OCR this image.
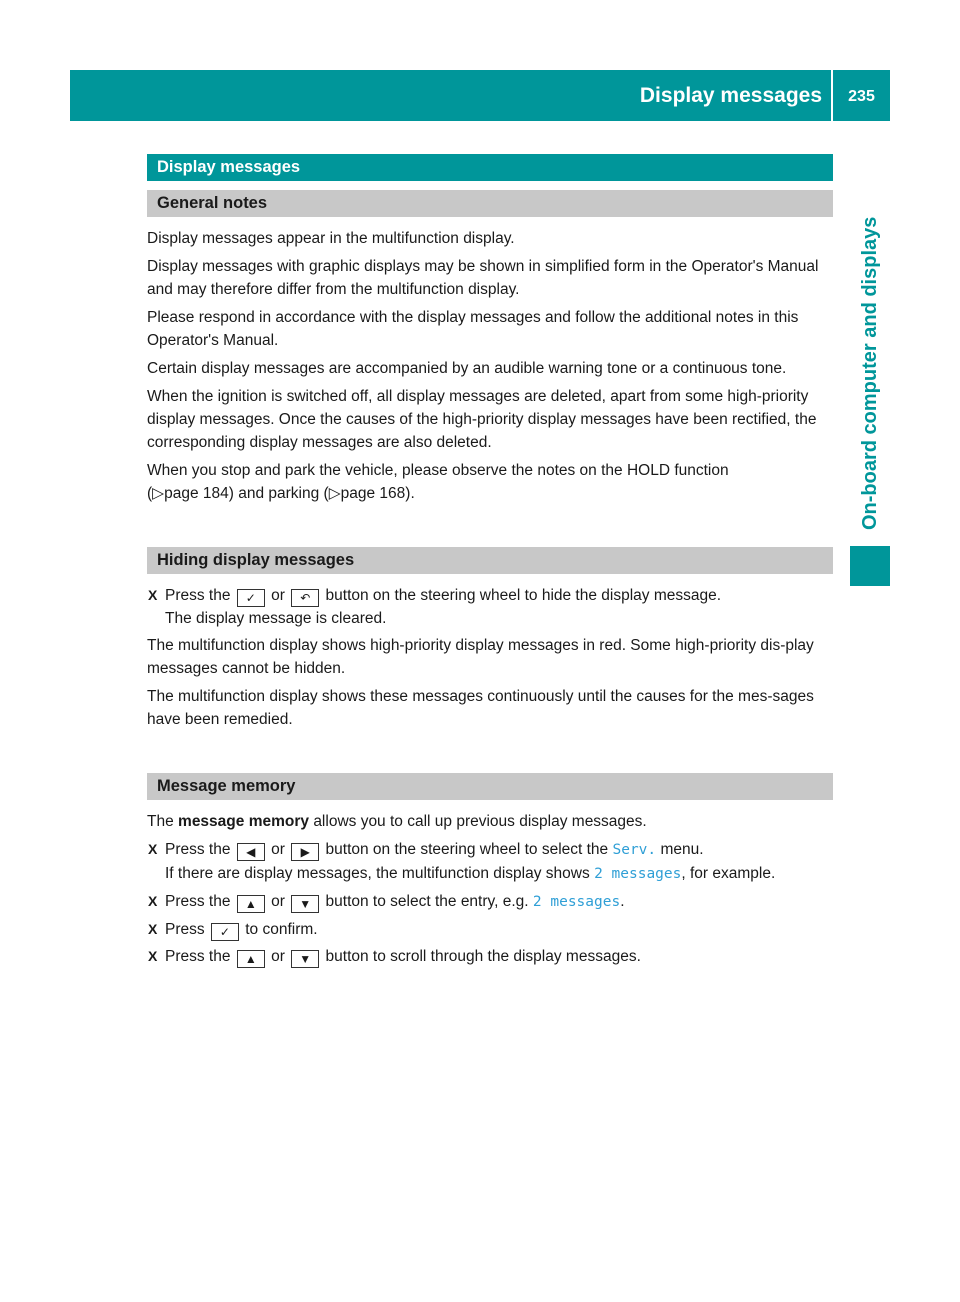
Display messages	235
On-board computer and displays
Display messages
General notes

Display messages appear in the multifunction display.

Display messages with graphic displays may be shown in simplified form in the Operator's Manual and may therefore differ from the multifunction display.

Please respond in accordance with the display messages and follow the additional notes in this Operator's Manual.

Certain display messages are accompanied by an audible warning tone or a continuous tone.

When the ignition is switched off, all display messages are deleted, apart from some high-priority display messages. Once the causes of the high-priority display messages have been rectified, the corresponding display messages are also deleted.

When you stop and park the vehicle, please observe the notes on the HOLD function
(▷page 184) and parking (▷page 168).

Hiding display messages
X Press the ✓ or ↶ button on the steering wheel to hide the display message.
The display message is cleared.

The multifunction display shows high-priority display messages in red. Some high-priority dis-play messages cannot be hidden.

The multifunction display shows these messages continuously until the causes for the mes-sages have been remedied.

Message memory

The message memory allows you to call up previous display messages.

X Press the ◀ or ▶ button on the steering wheel to select the Serv. menu.
If there are display messages, the multifunction display shows 2 messages, for example.
X Press the ▲ or ▼ button to select the entry, e.g. 2 messages.
X Press ✓ to confirm.
X Press the ▲ or ▼ button to scroll through the display messages.
